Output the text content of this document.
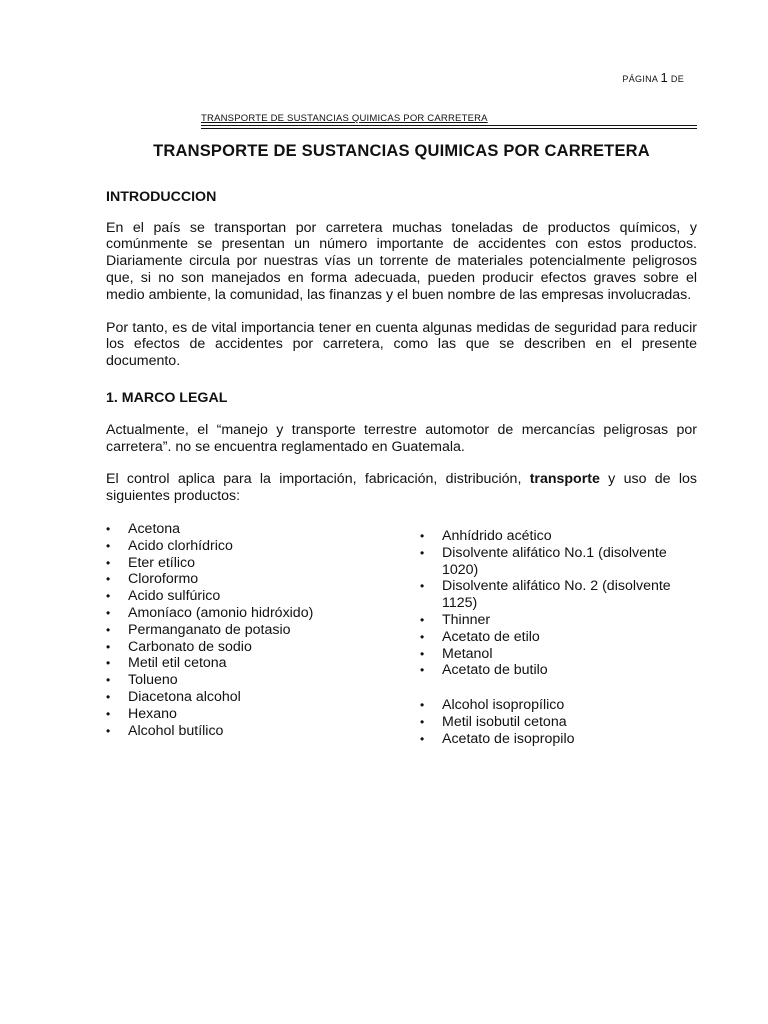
PÁGINA 1 DE
TRANSPORTE DE SUSTANCIAS QUIMICAS POR CARRETERA
TRANSPORTE DE SUSTANCIAS QUIMICAS POR CARRETERA
INTRODUCCION

En el país se transportan por carretera muchas toneladas de productos químicos, y comúnmente se presentan un número importante de accidentes con estos productos. Diariamente circula por nuestras vías un torrente de materiales potencialmente peligrosos que, si no son manejados en forma adecuada, pueden producir efectos graves sobre el medio ambiente, la comunidad, las finanzas y el buen nombre de las empresas involucradas.

Por tanto, es de vital importancia tener en cuenta algunas medidas de seguridad para reducir los efectos de accidentes por carretera, como las que se describen en el presente documento.

1. MARCO LEGAL

Actualmente, el “manejo y transporte terrestre automotor de mercancías peligrosas por carretera”. no se encuentra reglamentado en Guatemala.

El control aplica para la importación, fabricación, distribución, transporte y uso de los siguientes productos:

• Acetona
• Acido clorhídrico
• Eter etílico
• Cloroformo
• Acido sulfúrico
• Amoníaco (amonio hidróxido)
• Permanganato de potasio
• Carbonato de sodio
• Metil etil cetona
• Tolueno
• Diacetona alcohol
• Hexano
• Alcohol butílico
• Anhídrido acético
• Disolvente alifático No.1 (disolvente 1020)
• Disolvente alifático No. 2 (disolvente 1125)
• Thinner
• Acetato de etilo
• Metanol
• Acetato de butilo
• Alcohol isopropílico
• Metil isobutil cetona
• Acetato de isopropilo
